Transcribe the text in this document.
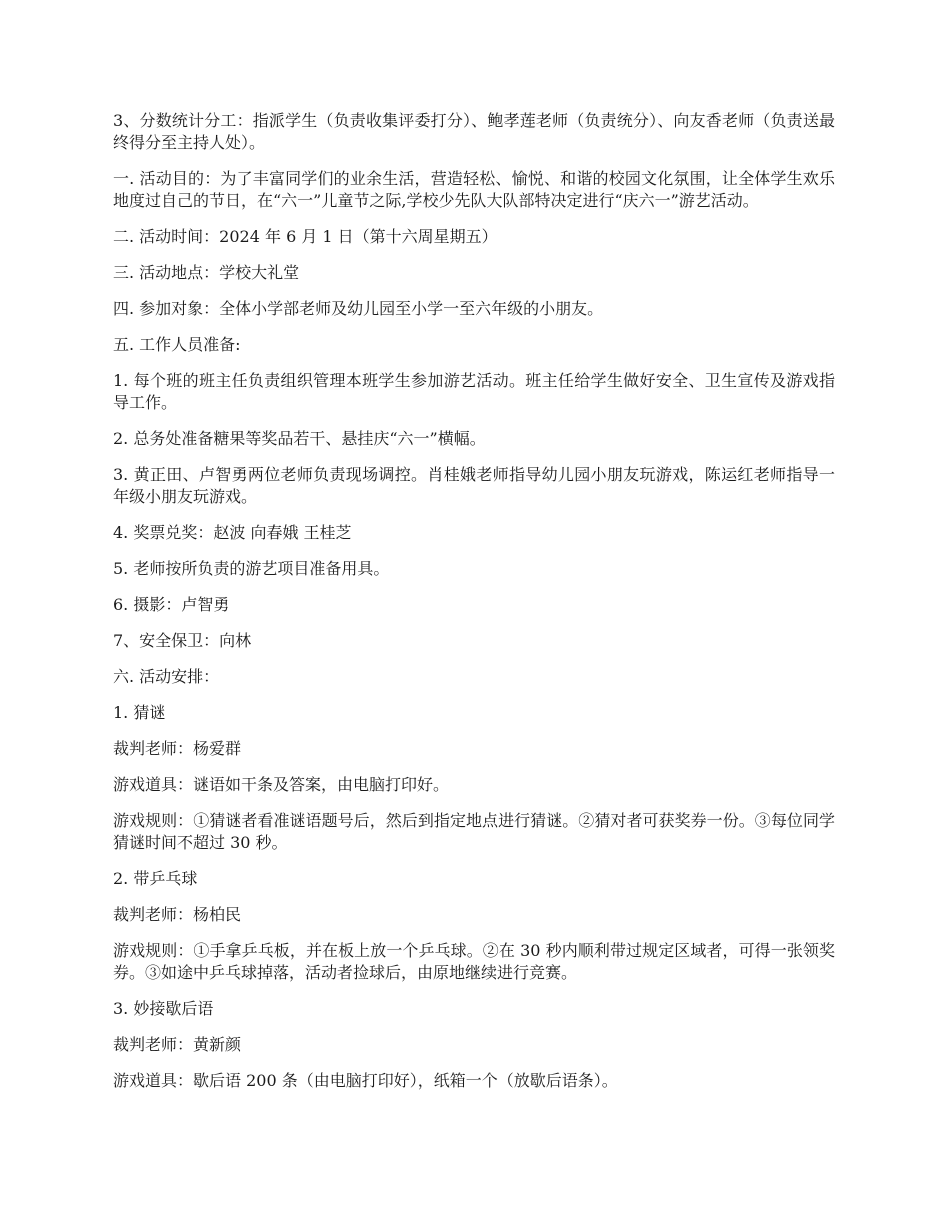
3、分数统计分工：指派学生（负责收集评委打分）、鲍孝莲老师（负责统分）、向友香老师（负责送最终得分至主持人处）。

一. 活动目的：为了丰富同学们的业余生活，营造轻松、愉悦、和谐的校园文化氛围，让全体学生欢乐地度过自己的节日，在“六一”儿童节之际,学校少先队大队部特决定进行“庆六一”游艺活动。

二. 活动时间：2024 年 6 月 1 日（第十六周星期五）

三. 活动地点：学校大礼堂

四. 参加对象：全体小学部老师及幼儿园至小学一至六年级的小朋友。

五. 工作人员准备:

1. 每个班的班主任负责组织管理本班学生参加游艺活动。班主任给学生做好安全、卫生宣传及游戏指导工作。

2. 总务处准备糖果等奖品若干、悬挂庆“六一”横幅。

3. 黄正田、卢智勇两位老师负责现场调控。肖桂娥老师指导幼儿园小朋友玩游戏，陈运红老师指导一年级小朋友玩游戏。

4. 奖票兑奖：赵波 向春娥 王桂芝

5. 老师按所负责的游艺项目准备用具。

6. 摄影：卢智勇

7、安全保卫：向林

六. 活动安排：

1. 猜谜

裁判老师：杨爱群

游戏道具：谜语如干条及答案，由电脑打印好。

游戏规则：①猜谜者看准谜语题号后，然后到指定地点进行猜谜。②猜对者可获奖券一份。③每位同学猜谜时间不超过 30 秒。

2. 带乒乓球

裁判老师：杨柏民

游戏规则：①手拿乒乓板，并在板上放一个乒乓球。②在 30 秒内顺利带过规定区域者，可得一张领奖券。③如途中乒乓球掉落，活动者捡球后，由原地继续进行竞赛。

3. 妙接歇后语

裁判老师：黄新颜

游戏道具：歇后语 200 条（由电脑打印好），纸箱一个（放歇后语条）。
